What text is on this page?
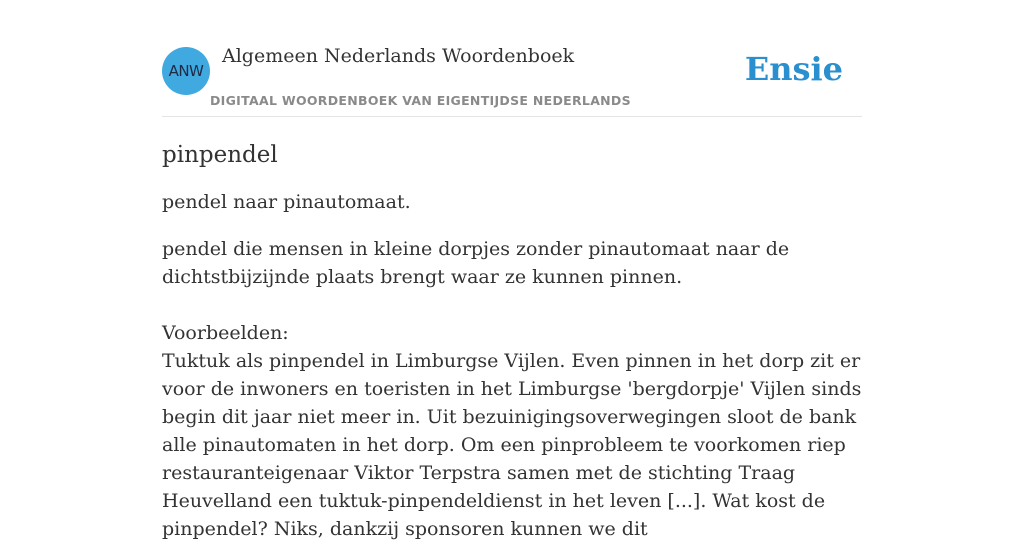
ANW
Algemeen Nederlands Woordenboek
DIGITAAL WOORDENBOEK VAN EIGENTIJDSE NEDERLANDS
Ensie
pinpendel

pendel naar pinautomaat.

pendel die mensen in kleine dorpjes zonder pinautomaat naar de dichtstbijzijnde plaats brengt waar ze kunnen pinnen.

Voorbeelden:
Tuktuk als pinpendel in Limburgse Vijlen. Even pinnen in het dorp zit er voor de inwoners en toeristen in het Limburgse 'bergdorpje' Vijlen sinds begin dit jaar niet meer in. Uit bezuinigingsoverwegingen sloot de bank alle pinautomaten in het dorp. Om een pinprobleem te voorkomen riep restauranteigenaar Viktor Terpstra samen met de stichting Traag Heuvelland een tuktuk-pinpendeldienst in het leven [...]. Wat kost de pinpendel? Niks, dankzij sponsoren kunnen we dit
